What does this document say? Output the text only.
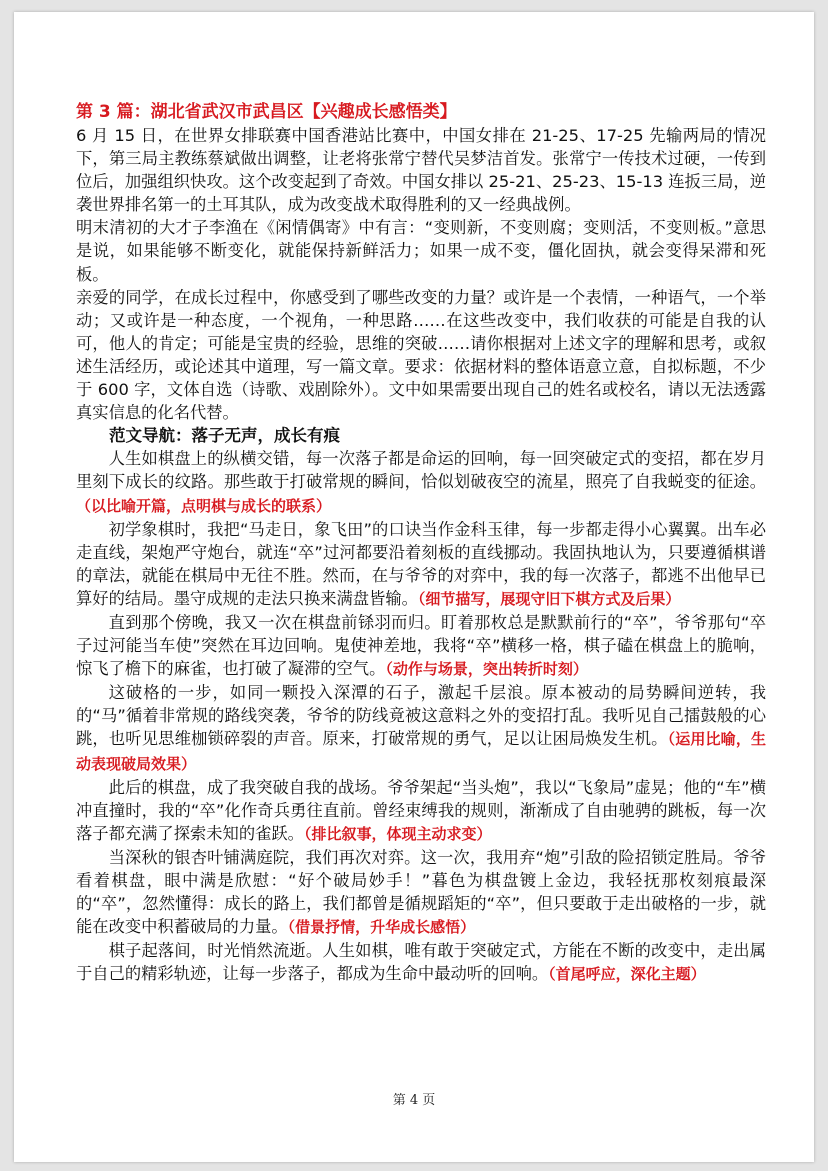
第 3 篇：湖北省武汉市武昌区【兴趣成长感悟类】

6 月 15 日，在世界女排联赛中国香港站比赛中，中国女排在 21-25、17-25 先输两局的情况下，第三局主教练蔡斌做出调整，让老将张常宁替代吴梦洁首发。张常宁一传技术过硬，一传到位后，加强组织快攻。这个改变起到了奇效。中国女排以 25-21、25-23、15-13 连扳三局，逆袭世界排名第一的土耳其队，成为改变战术取得胜利的又一经典战例。

明末清初的大才子李渔在《闲情偶寄》中有言：“变则新，不变则腐；变则活，不变则板。”意思是说，如果能够不断变化，就能保持新鲜活力；如果一成不变，僵化固执，就会变得呆滞和死板。

亲爱的同学，在成长过程中，你感受到了哪些改变的力量？或许是一个表情，一种语气，一个举动；又或许是一种态度，一个视角，一种思路……在这些改变中，我们收获的可能是自我的认可，他人的肯定；可能是宝贵的经验，思维的突破……请你根据对上述文字的理解和思考，或叙述生活经历，或论述其中道理，写一篇文章。要求：依据材料的整体语意立意，自拟标题，不少于 600 字，文体自选（诗歌、戏剧除外）。文中如果需要出现自己的姓名或校名，请以无法透露真实信息的化名代替。

范文导航：落子无声，成长有痕

人生如棋盘上的纵横交错，每一次落子都是命运的回响，每一回突破定式的变招，都在岁月里刻下成长的纹路。那些敢于打破常规的瞬间，恰似划破夜空的流星，照亮了自我蜕变的征途。（以比喻开篇，点明棋与成长的联系）

初学象棋时，我把“马走日，象飞田”的口诀当作金科玉律，每一步都走得小心翼翼。出车必走直线，架炮严守炮台，就连“卒”过河都要沿着刻板的直线挪动。我固执地认为，只要遵循棋谱的章法，就能在棋局中无往不胜。然而，在与爷爷的对弈中，我的每一次落子，都逃不出他早已算好的结局。墨守成规的走法只换来满盘皆输。（细节描写，展现守旧下棋方式及后果）

直到那个傍晚，我又一次在棋盘前铩羽而归。盯着那枚总是默默前行的“卒”，爷爷那句“卒子过河能当车使”突然在耳边回响。鬼使神差地，我将“卒”横移一格，棋子磕在棋盘上的脆响，惊飞了檐下的麻雀，也打破了凝滞的空气。（动作与场景，突出转折时刻）

这破格的一步，如同一颗投入深潭的石子，激起千层浪。原本被动的局势瞬间逆转，我的“马”循着非常规的路线突袭，爷爷的防线竟被这意料之外的变招打乱。我听见自己擂鼓般的心跳，也听见思维枷锁碎裂的声音。原来，打破常规的勇气，足以让困局焕发生机。（运用比喻，生动表现破局效果）

此后的棋盘，成了我突破自我的战场。爷爷架起“当头炮”，我以“飞象局”虚晃；他的“车”横冲直撞时，我的“卒”化作奇兵勇往直前。曾经束缚我的规则，渐渐成了自由驰骋的跳板，每一次落子都充满了探索未知的雀跃。（排比叙事，体现主动求变）

当深秋的银杏叶铺满庭院，我们再次对弈。这一次，我用弃“炮”引敌的险招锁定胜局。爷爷看着棋盘，眼中满是欣慰：“好个破局妙手！”暮色为棋盘镀上金边，我轻抚那枚刻痕最深的“卒”，忽然懂得：成长的路上，我们都曾是循规蹈矩的“卒”，但只要敢于走出破格的一步，就能在改变中积蓄破局的力量。（借景抒情，升华成长感悟）

棋子起落间，时光悄然流逝。人生如棋，唯有敢于突破定式，方能在不断的改变中，走出属于自己的精彩轨迹，让每一步落子，都成为生命中最动听的回响。（首尾呼应，深化主题）

第 4 页
